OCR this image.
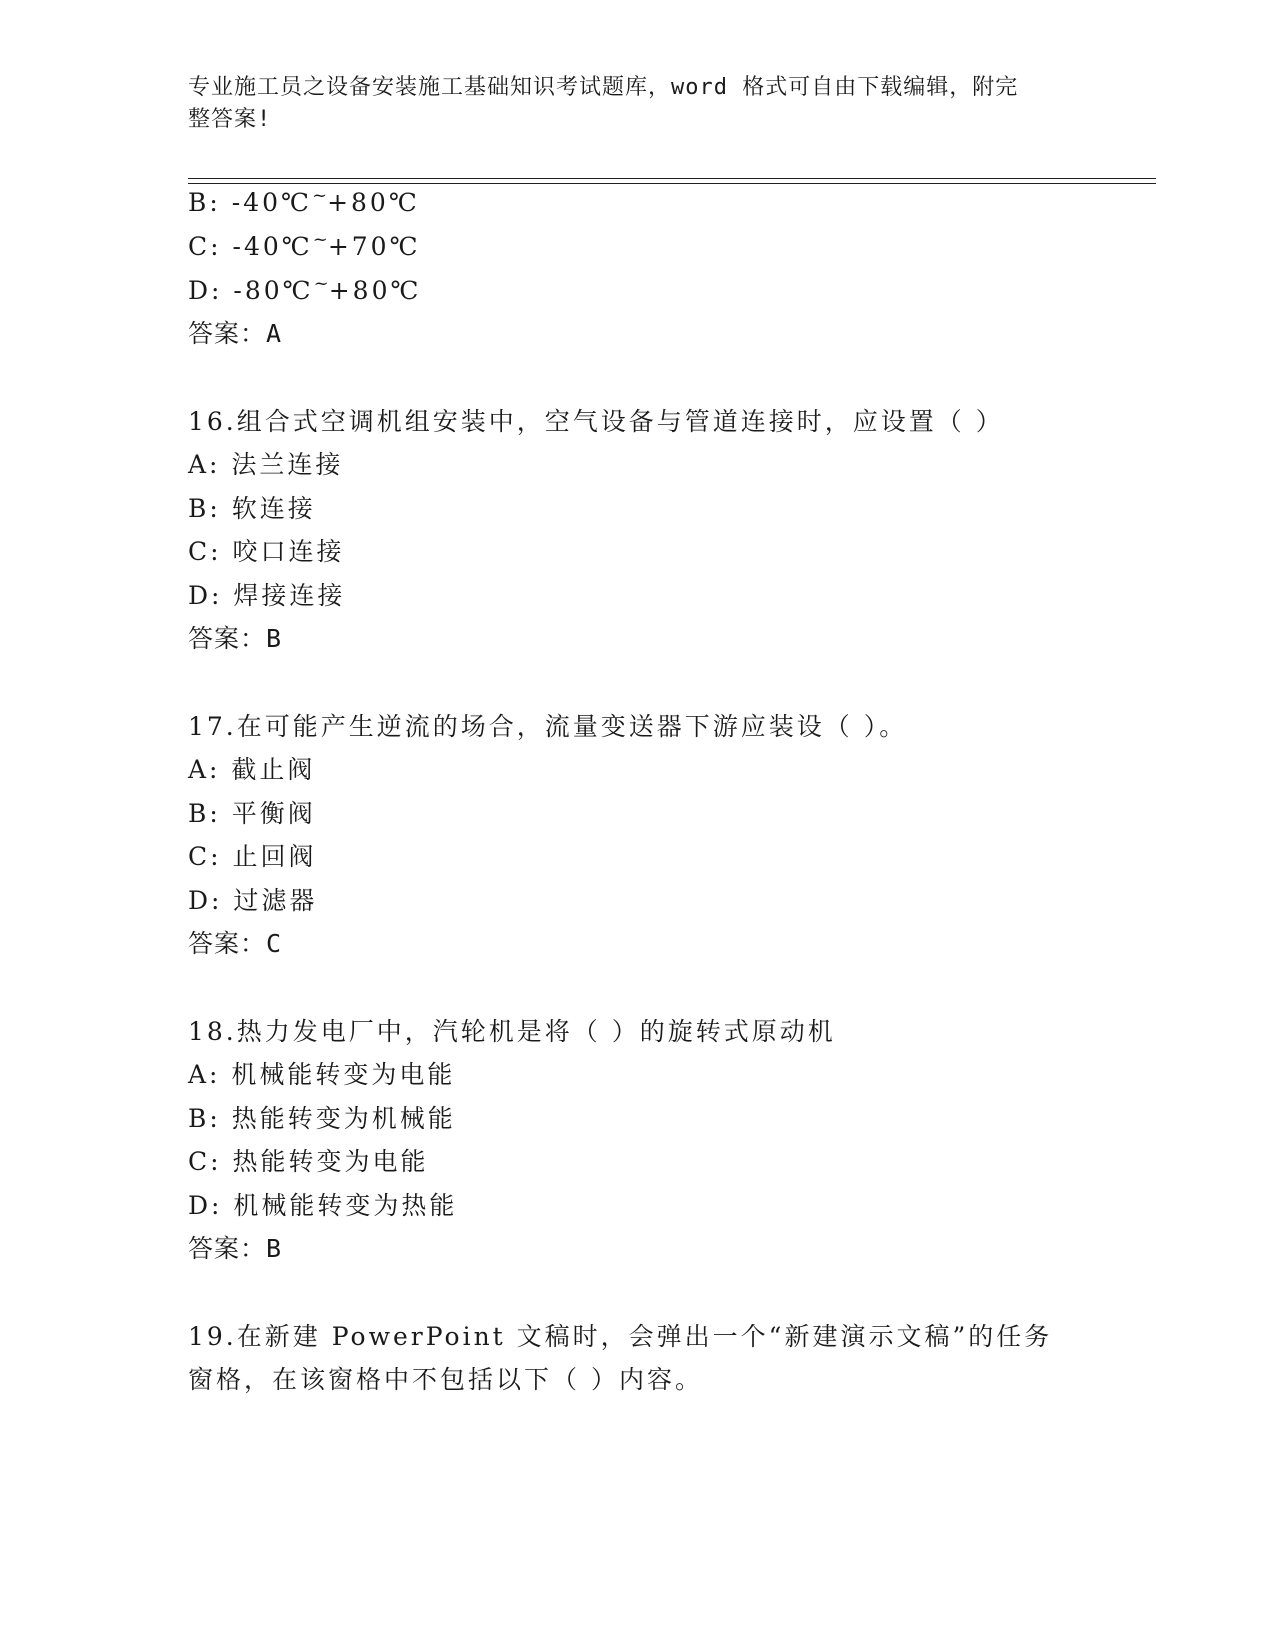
专业施工员之设备安装施工基础知识考试题库，word 格式可自由下载编辑，附完
整答案!
B: -40℃~+80℃
C: -40℃~+70℃
D: -80℃~+80℃
答案：A
16.组合式空调机组安装中，空气设备与管道连接时，应设置（ ）
A: 法兰连接
B: 软连接
C: 咬口连接
D: 焊接连接
答案：B
17.在可能产生逆流的场合，流量变送器下游应装设（ ）。
A: 截止阀
B: 平衡阀
C: 止回阀
D: 过滤器
答案：C
18.热力发电厂中，汽轮机是将（ ）的旋转式原动机
A: 机械能转变为电能
B: 热能转变为机械能
C: 热能转变为电能
D: 机械能转变为热能
答案：B
19.在新建 PowerPoint 文稿时，会弹出一个“新建演示文稿”的任务
窗格，在该窗格中不包括以下（ ）内容。
